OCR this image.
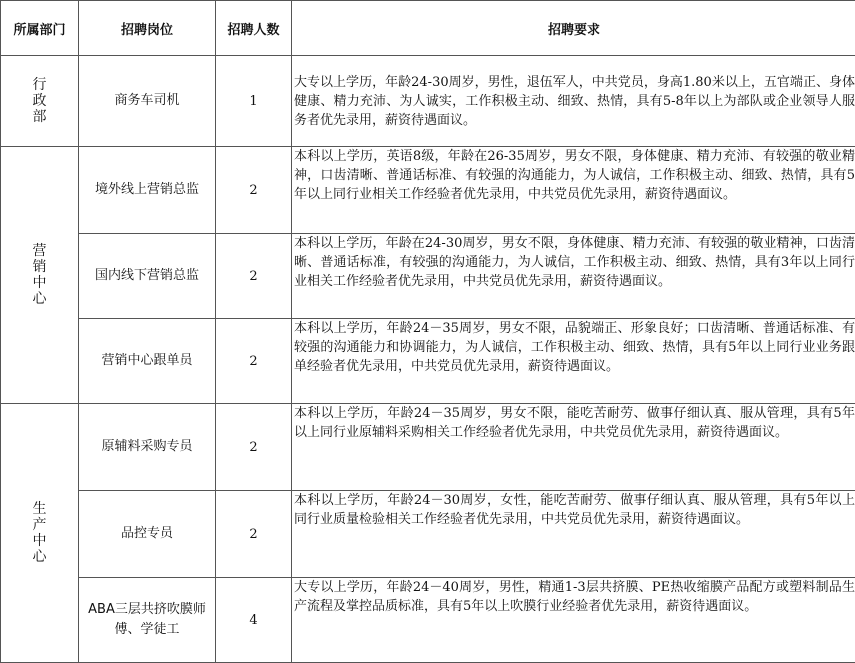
所属部门	招聘岗位	招聘人数	招聘要求
行政部	商务车司机	1	大专以上学历，年龄24-30周岁，男性，退伍军人，中共党员，身高1.80米以上，五官端正、身体健康、精力充沛、为人诚实，工作积极主动、细致、热情，具有5-8年以上为部队或企业领导人服务者优先录用，薪资待遇面议。
营销中心	境外线上营销总监	2	本科以上学历，英语8级，年龄在26-35周岁，男女不限，身体健康、精力充沛、有较强的敬业精神，口齿清晰、普通话标准、有较强的沟通能力，为人诚信，工作积极主动、细致、热情，具有5年以上同行业相关工作经验者优先录用，中共党员优先录用，薪资待遇面议。
	国内线下营销总监	2	本科以上学历，年龄在24-30周岁，男女不限，身体健康、精力充沛、有较强的敬业精神，口齿清晰、普通话标准，有较强的沟通能力，为人诚信，工作积极主动、细致、热情，具有3年以上同行业相关工作经验者优先录用，中共党员优先录用，薪资待遇面议。
	营销中心跟单员	2	本科以上学历，年龄24－35周岁，男女不限，品貌端正、形象良好；口齿清晰、普通话标准、有较强的沟通能力和协调能力，为人诚信，工作积极主动、细致、热情，具有5年以上同行业业务跟单经验者优先录用，中共党员优先录用，薪资待遇面议。
生产中心	原辅料采购专员	2	本科以上学历，年龄24－35周岁，男女不限，能吃苦耐劳、做事仔细认真、服从管理，具有5年以上同行业原辅料采购相关工作经验者优先录用，中共党员优先录用，薪资待遇面议。
	品控专员	2	本科以上学历，年龄24－30周岁，女性，能吃苦耐劳、做事仔细认真、服从管理，具有5年以上同行业质量检验相关工作经验者优先录用，中共党员优先录用，薪资待遇面议。
	ABA三层共挤吹膜师傅、学徒工	4	大专以上学历，年龄24－40周岁，男性，精通1-3层共挤膜、PE热收缩膜产品配方或塑料制品生产流程及掌控品质标准，具有5年以上吹膜行业经验者优先录用，薪资待遇面议。
